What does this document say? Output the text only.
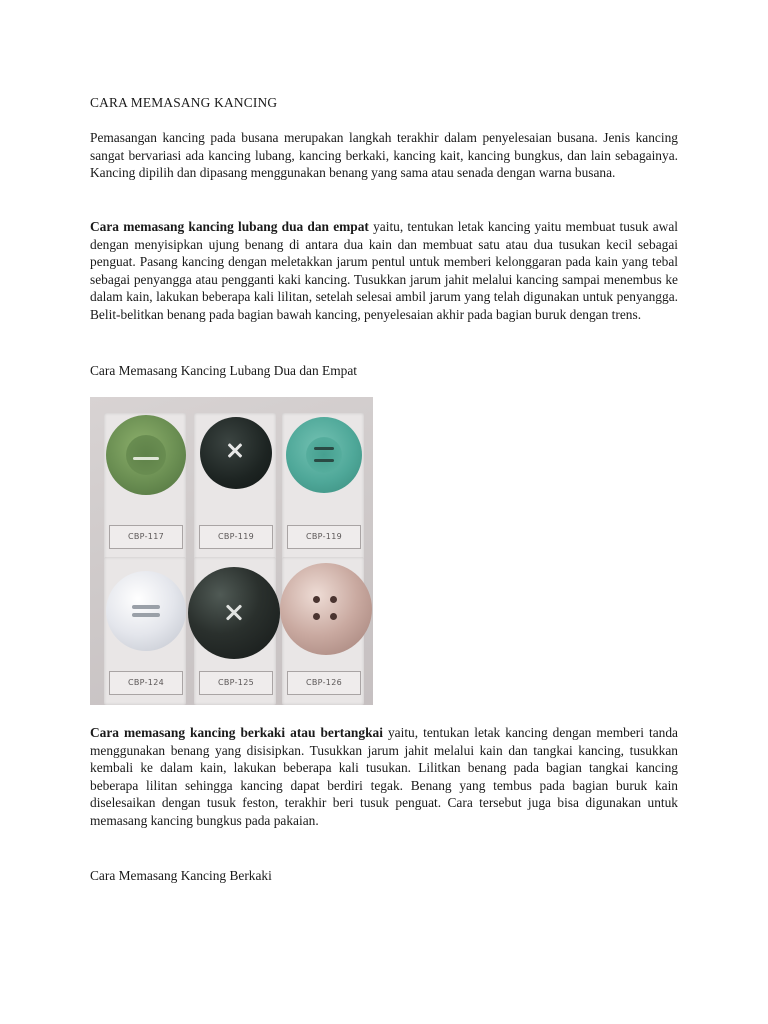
CARA MEMASANG KANCING
Pemasangan kancing pada busana merupakan langkah terakhir dalam penyelesaian busana. Jenis kancing sangat bervariasi ada kancing lubang, kancing berkaki, kancing kait, kancing bungkus, dan lain sebagainya. Kancing dipilih dan dipasang menggunakan benang yang sama atau senada dengan warna busana.
Cara memasang kancing lubang dua dan empat yaitu, tentukan letak kancing yaitu membuat tusuk awal dengan menyisipkan ujung benang di antara dua kain dan membuat satu atau dua tusukan kecil sebagai penguat. Pasang kancing dengan meletakkan jarum pentul untuk memberi kelonggaran pada kain yang tebal sebagai penyangga atau pengganti kaki kancing. Tusukkan jarum jahit melalui kancing sampai menembus ke dalam kain, lakukan beberapa kali lilitan, setelah selesai ambil jarum yang telah digunakan untuk penyangga. Belit-belitkan benang pada bagian bawah kancing, penyelesaian akhir pada bagian buruk dengan trens.
Cara Memasang Kancing Lubang Dua dan Empat
CBP-117	CBP-119	CBP-119
CBP-124	CBP-125	CBP-126
Cara memasang kancing berkaki atau bertangkai yaitu, tentukan letak kancing dengan memberi tanda menggunakan benang yang disisipkan. Tusukkan jarum jahit melalui kain dan tangkai kancing, tusukkan kembali ke dalam kain, lakukan beberapa kali tusukan. Lilitkan benang pada bagian tangkai kancing beberapa lilitan sehingga kancing dapat berdiri tegak. Benang yang tembus pada bagian buruk kain diselesaikan dengan tusuk feston, terakhir beri tusuk penguat. Cara tersebut juga bisa digunakan untuk memasang kancing bungkus pada pakaian.
Cara Memasang Kancing Berkaki
